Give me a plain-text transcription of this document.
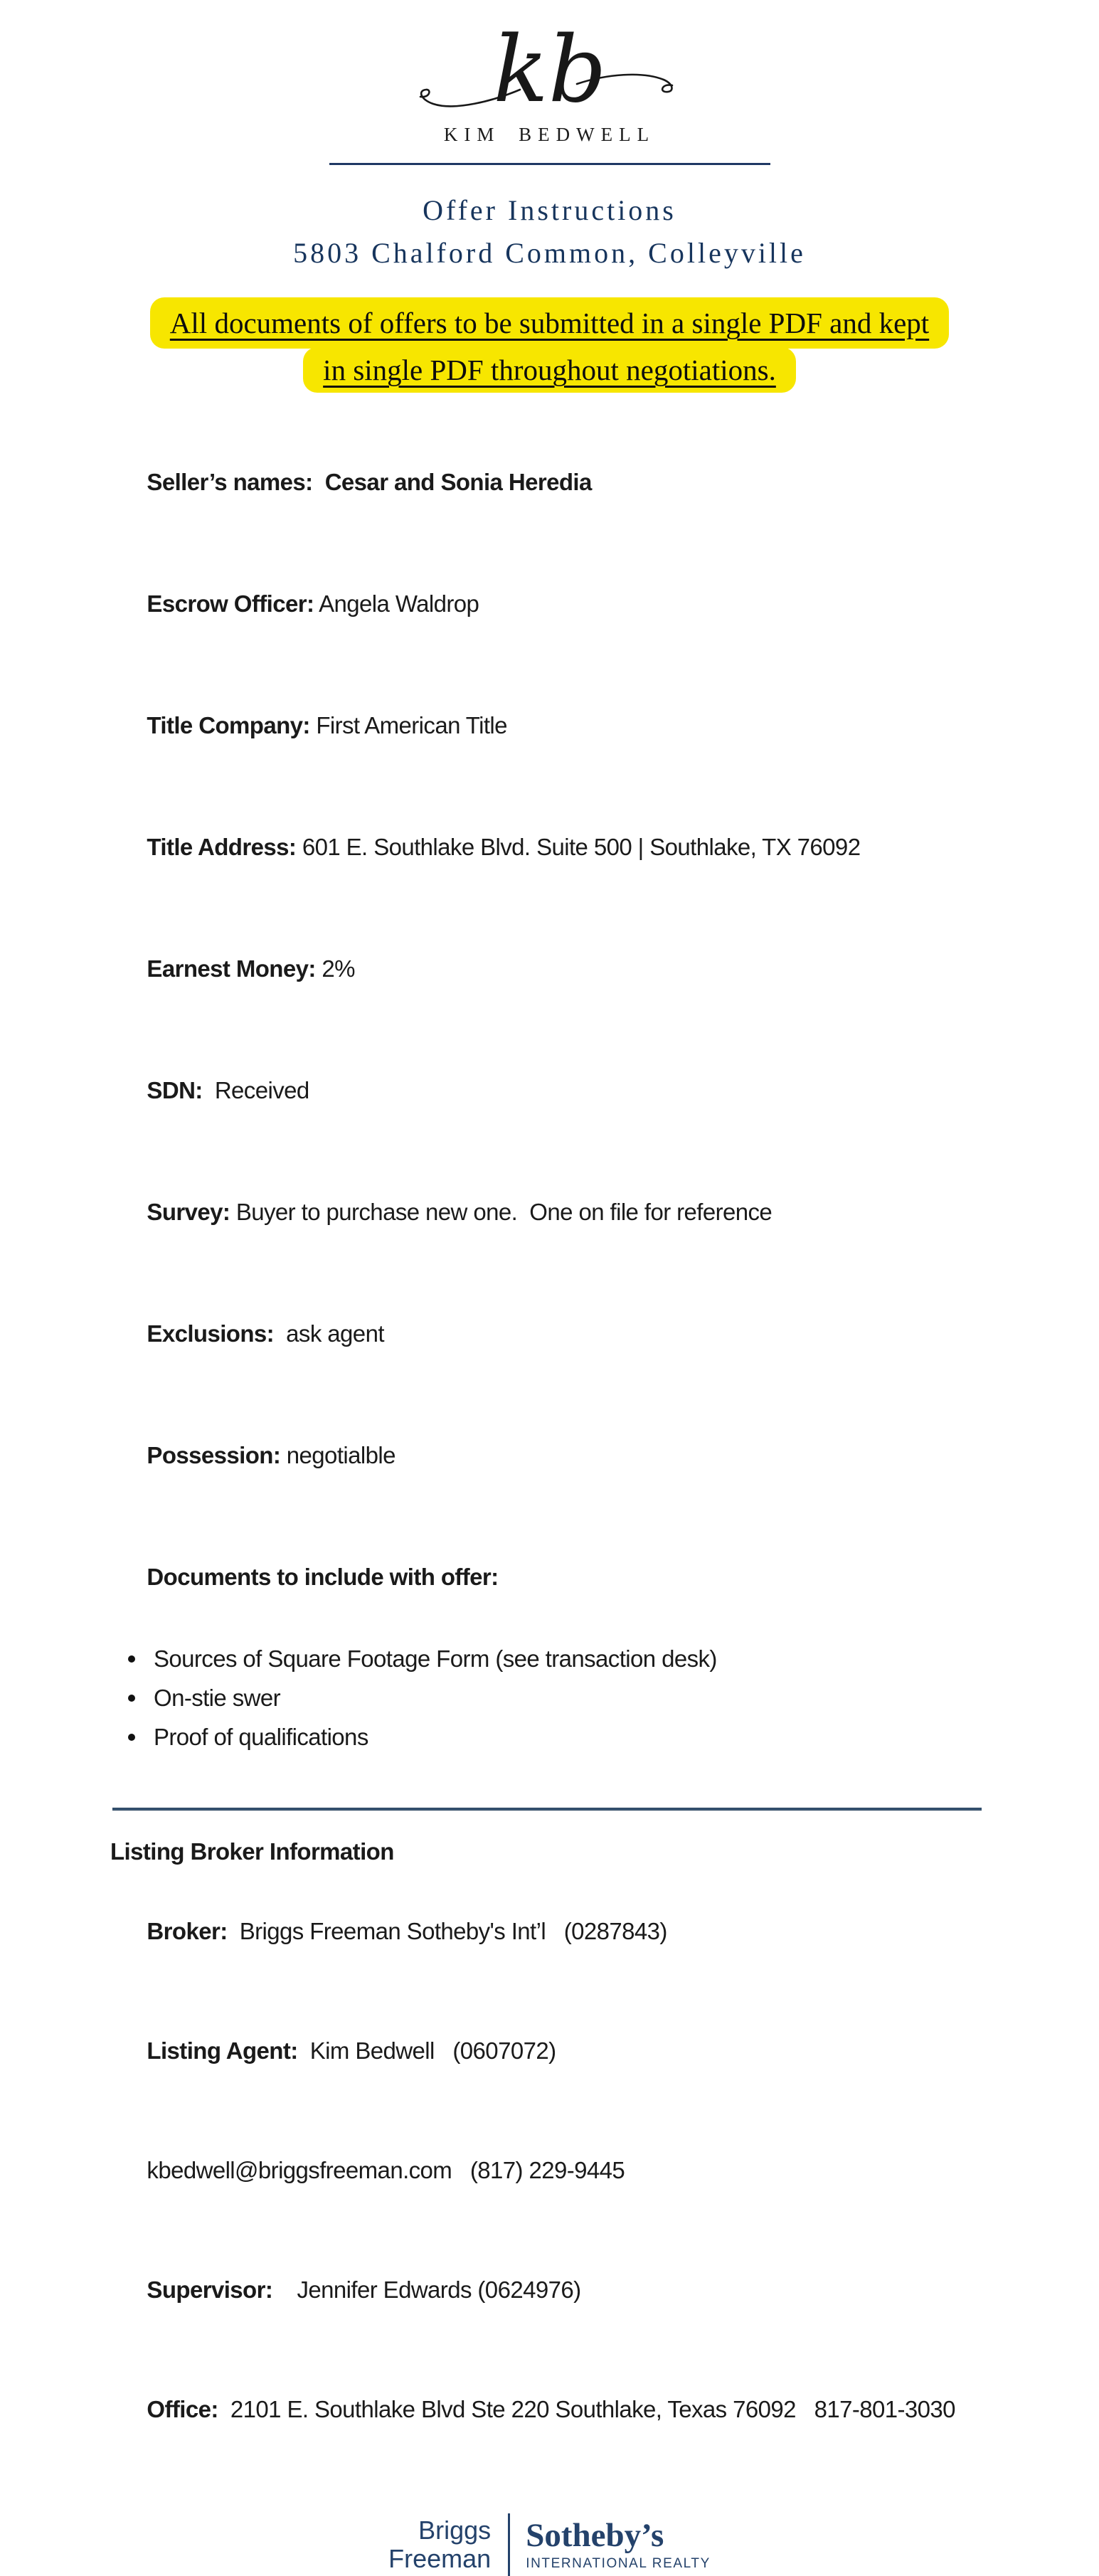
kb
KIM BEDWELL
Offer Instructions
5803 Chalford Common, Colleyville
All documents of offers to be submitted in a single PDF and kept
in single PDF throughout negotiations.

Seller’s names:  Cesar and Sonia Heredia

Escrow Officer: Angela Waldrop

Title Company: First American Title

Title Address: 601 E. Southlake Blvd. Suite 500 | Southlake, TX 76092

Earnest Money: 2%

SDN:  Received

Survey: Buyer to purchase new one.  One on file for reference

Exclusions:  ask agent

Possession: negotialble

Documents to include with offer:

Sources of Square Footage Form (see transaction desk)
On-stie swer
Proof of qualifications
Listing Broker Information

Broker:  Briggs Freeman Sotheby's Int’l   (0287843)

Listing Agent:  Kim Bedwell   (0607072)

kbedwell@briggsfreeman.com   (817) 229-9445

Supervisor:    Jennifer Edwards (0624976)

Office:  2101 E. Southlake Blvd Ste 220 Southlake, Texas 76092   817-801-3030

Briggs
Freeman
Sotheby’s
INTERNATIONAL REALTY
